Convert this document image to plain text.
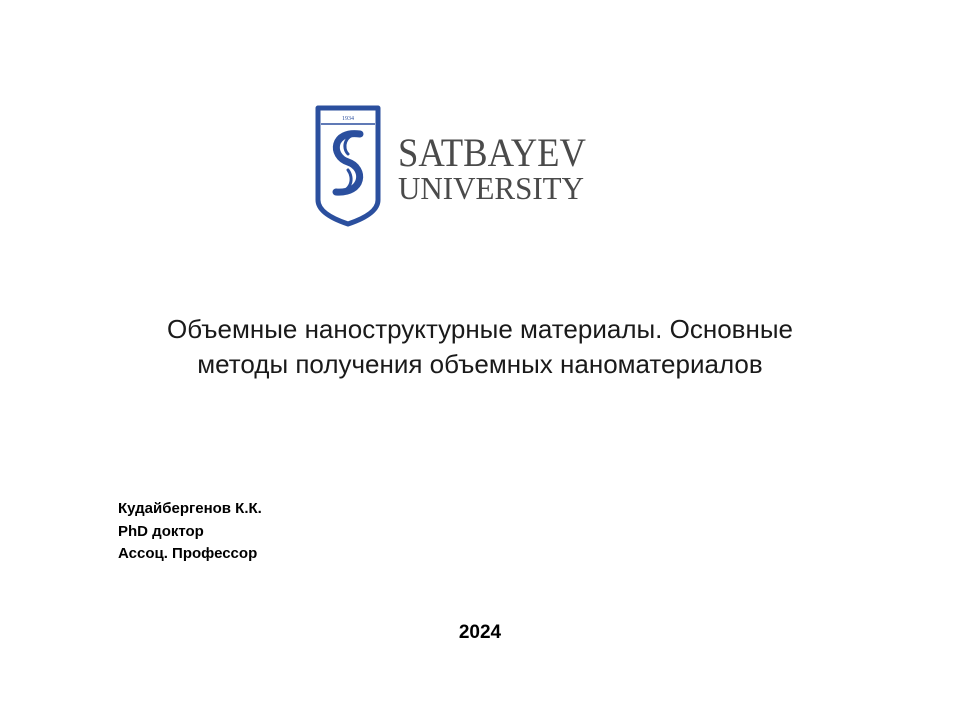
1934
SATBAYEV
UNIVERSITY
Объемные наноструктурные материалы. Основные
методы получения объемных наноматериалов
Кудайбергенов К.К.
PhD доктор
Ассоц. Профессор
2024
